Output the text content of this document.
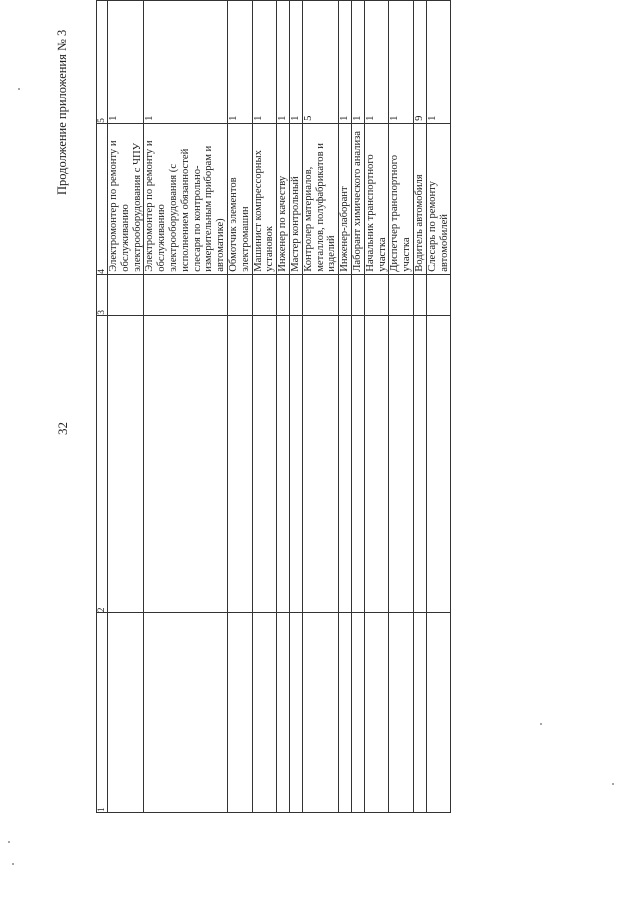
Продолжение приложения № 3
32
1	2	3	4	5
			Электромонтер по ремонту и обслуживанию электрооборудования с ЧПУ	1
			Электромонтер по ремонту и обслуживанию электрооборудования (с исполнением обязанностей слесаря по контрольно-измерительным приборам и автоматике)	1
			Обмотчик элементов электромашин	1
			Машинист компрессорных установок	1
			Инженер по качеству	1
			Мастер контрольный	1
			Контролер материалов, металлов, полуфабрикатов и изделий	5
			Инженер-лаборант	1
			Лаборант химического анализа	1
			Начальник транспортного участка	1
			Диспетчер транспортного участка	1
			Водитель автомобиля	9
			Слесарь по ремонту автомобилей	1
